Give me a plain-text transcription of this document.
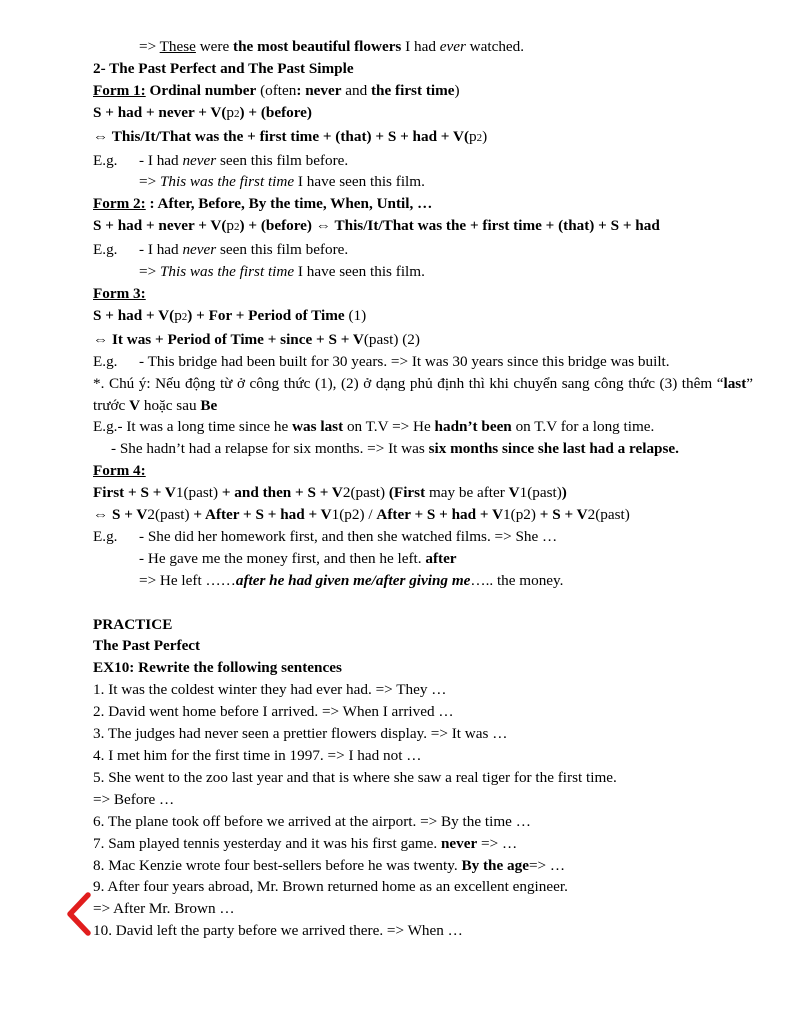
=> These were the most beautiful flowers I had ever watched.
2- The Past Perfect and The Past Simple
Form 1: Ordinal number (often: never and the first time)
S + had + never + V(p2) + (before)
⇔ This/It/That was the + first time + (that) + S + had + V(p2)
E.g. - I had never seen this film before.
=> This was the first time I have seen this film.
Form 2: : After, Before, By the time, When, Until, …
S + had + never + V(p2) + (before) ⇔ This/It/That was the + first time + (that) + S + had
E.g. - I had never seen this film before.
=> This was the first time I have seen this film.
Form 3:
S + had + V(p2) + For + Period of Time (1)
⇔ It was + Period of Time + since + S + V(past) (2)
E.g. - This bridge had been built for 30 years. => It was 30 years since this bridge was built.
*. Chú ý: Nếu động từ ở công thức (1), (2) ở dạng phủ định thì khi chuyển sang công thức (3) thêm “last” trước V hoặc sau Be
E.g.- It was a long time since he was last on T.V => He hadn’t been on T.V for a long time.
- She hadn’t had a relapse for six months. => It was six months since she last had a relapse.
Form 4:
First + S + V1(past) + and then + S + V2(past) (First may be after V1(past))
⇔ S + V2(past) + After + S + had + V1(p2) / After + S + had + V1(p2) + S + V2(past)
E.g. - She did her homework first, and then she watched films. => She …
- He gave me the money first, and then he left. after
=> He left ……after he had given me/after giving me….. the money.
PRACTICE
The Past Perfect
EX10: Rewrite the following sentences
1. It was the coldest winter they had ever had. => They …
2. David went home before I arrived. => When I arrived …
3. The judges had never seen a prettier flowers display. => It was …
4. I met him for the first time in 1997. => I had not …
5. She went to the zoo last year and that is where she saw a real tiger for the first time.
=> Before …
6. The plane took off before we arrived at the airport. => By the time …
7. Sam played tennis yesterday and it was his first game. never => …
8. Mac Kenzie wrote four best-sellers before he was twenty. By the age=> …
9. After four years abroad, Mr. Brown returned home as an excellent engineer.
=> After Mr. Brown …
10. David left the party before we arrived there. => When …
